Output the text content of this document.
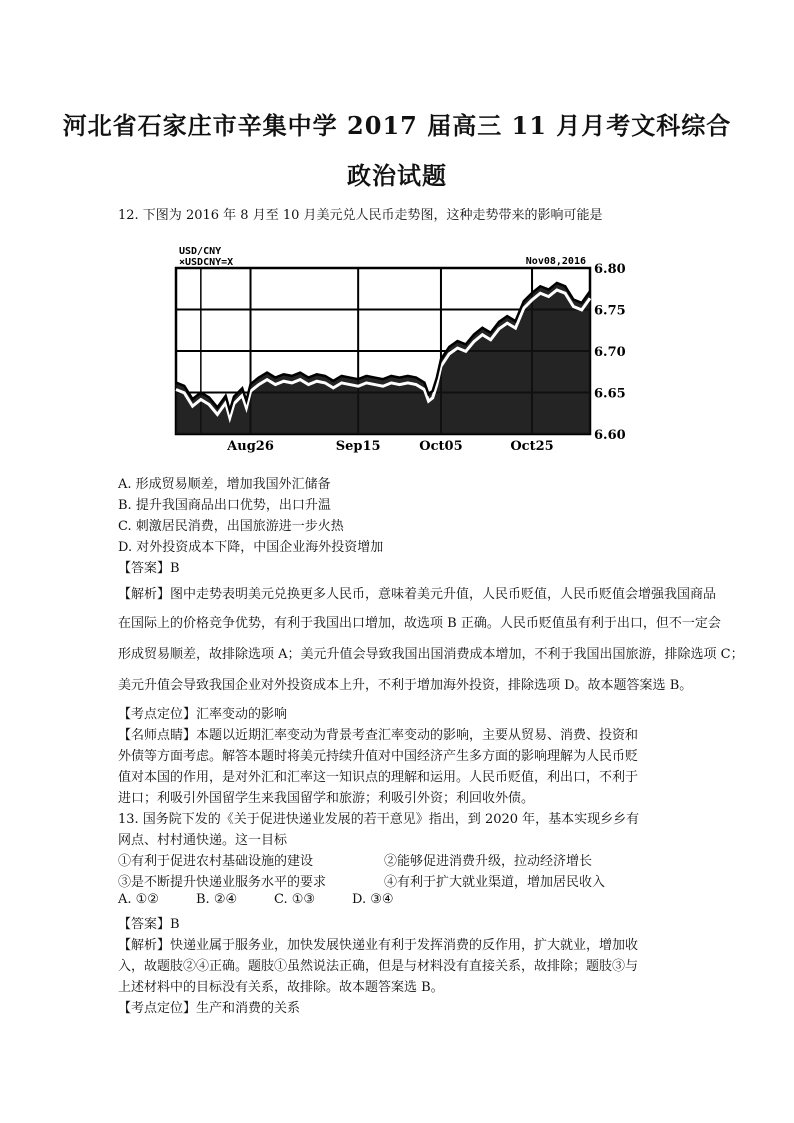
河北省石家庄市辛集中学 2017 届高三 11 月月考文科综合
政治试题
12. 下图为 2016 年 8 月至 10 月美元兑人民币走势图，这种走势带来的影响可能是
6.60
6.65
6.70
6.75
6.80
Aug26	Sep15	Oct05	Oct25
USD/CNY
×USDCNY=X	Nov08,2016
A. 形成贸易顺差，增加我国外汇储备
B. 提升我国商品出口优势，出口升温
C. 刺激居民消费，出国旅游进一步火热
D. 对外投资成本下降，中国企业海外投资增加
【答案】B
【解析】图中走势表明美元兑换更多人民币，意味着美元升值，人民币贬值，人民币贬值会增强我国商品
在国际上的价格竞争优势，有利于我国出口增加，故选项 B 正确。人民币贬值虽有利于出口，但不一定会
形成贸易顺差，故排除选项 A；美元升值会导致我国出国消费成本增加，不利于我国出国旅游，排除选项 C；
美元升值会导致我国企业对外投资成本上升，不利于增加海外投资，排除选项 D。故本题答案选 B。
【考点定位】汇率变动的影响
【名师点睛】本题以近期汇率变动为背景考查汇率变动的影响，主要从贸易、消费、投资和
外债等方面考虑。解答本题时将美元持续升值对中国经济产生多方面的影响理解为人民币贬
值对本国的作用，是对外汇和汇率这一知识点的理解和运用。人民币贬值，利出口，不利于
进口；利吸引外国留学生来我国留学和旅游；利吸引外资；利回收外债。
13. 国务院下发的《关于促进快递业发展的若干意见》指出，到 2020 年，基本实现乡乡有
网点、村村通快递。这一目标
①有利于促进农村基础设施的建设	②能够促进消费升级，拉动经济增长
③是不断提升快递业服务水平的要求	④有利于扩大就业渠道，增加居民收入
A. ①②	B. ②④	C. ①③	D. ③④
【答案】B
【解析】快递业属于服务业，加快发展快递业有利于发挥消费的反作用，扩大就业，增加收
入，故题肢②④正确。题肢①虽然说法正确，但是与材料没有直接关系，故排除；题肢③与
上述材料中的目标没有关系，故排除。故本题答案选 B。
【考点定位】生产和消费的关系
